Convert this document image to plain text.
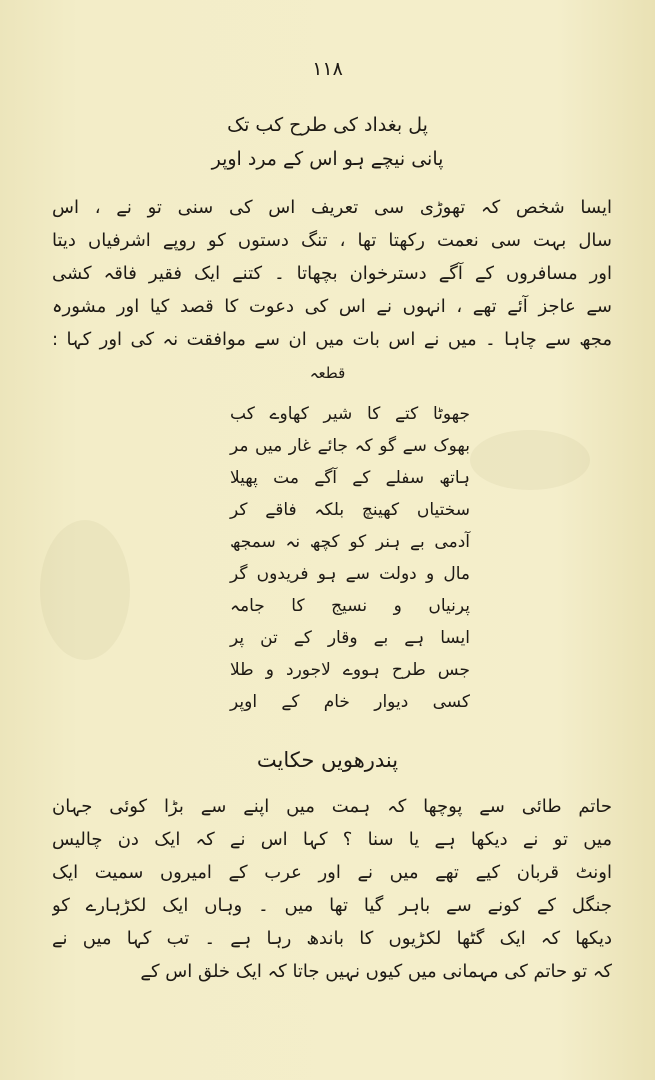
١١٨
پل بغداد کی طرح کب تک
پانی نیچے ہو اس کے مرد اوپر
ایسا شخص کہ تھوڑی سی تعریف اس کی سنی تو نے ، اس
سال بہت سی نعمت رکھتا تھا ، تنگ دستوں کو روپے اشرفیاں دیتا
اور مسافروں کے آگے دسترخوان بچھاتا ۔ کتنے ایک فقیر فاقہ کشی
سے عاجز آئے تھے ، انہوں نے اس کی دعوت کا قصد کیا اور مشورہ
مجھ سے چاہا ۔ میں نے اس بات میں ان سے موافقت نہ کی اور کہا :
قطعہ
جھوٹا کتے کا شیر کھاوے کب
بھوک سے گو کہ جائے غار میں مر
ہاتھ سفلے کے آگے مت پھیلا
سختیاں کھینچ بلکہ فاقے کر
آدمی بے ہنر کو کچھ نہ سمجھ
مال و دولت سے ہو فریدوں گر
پرنیاں و نسیج کا جامہ
ایسا ہے بے وقار کے تن پر
جس طرح ہووے لاجورد و طلا
کسی دیوار خام کے اوپر
پندرھویں حکایت
حاتم طائی سے پوچھا کہ ہمت میں اپنے سے بڑا کوئی جہان
میں تو نے دیکھا ہے یا سنا ؟ کہا اس نے کہ ایک دن چالیس
اونٹ قربان کیے تھے میں نے اور عرب کے امیروں سمیت ایک
جنگل کے کونے سے باہر گیا تھا میں ۔ وہاں ایک لکڑہارے کو
دیکھا کہ ایک گٹھا لکڑیوں کا باندھ رہا ہے ۔ تب کہا میں نے
کہ تو حاتم کی مہمانی میں کیوں نہیں جاتا کہ ایک خلق اس کے
